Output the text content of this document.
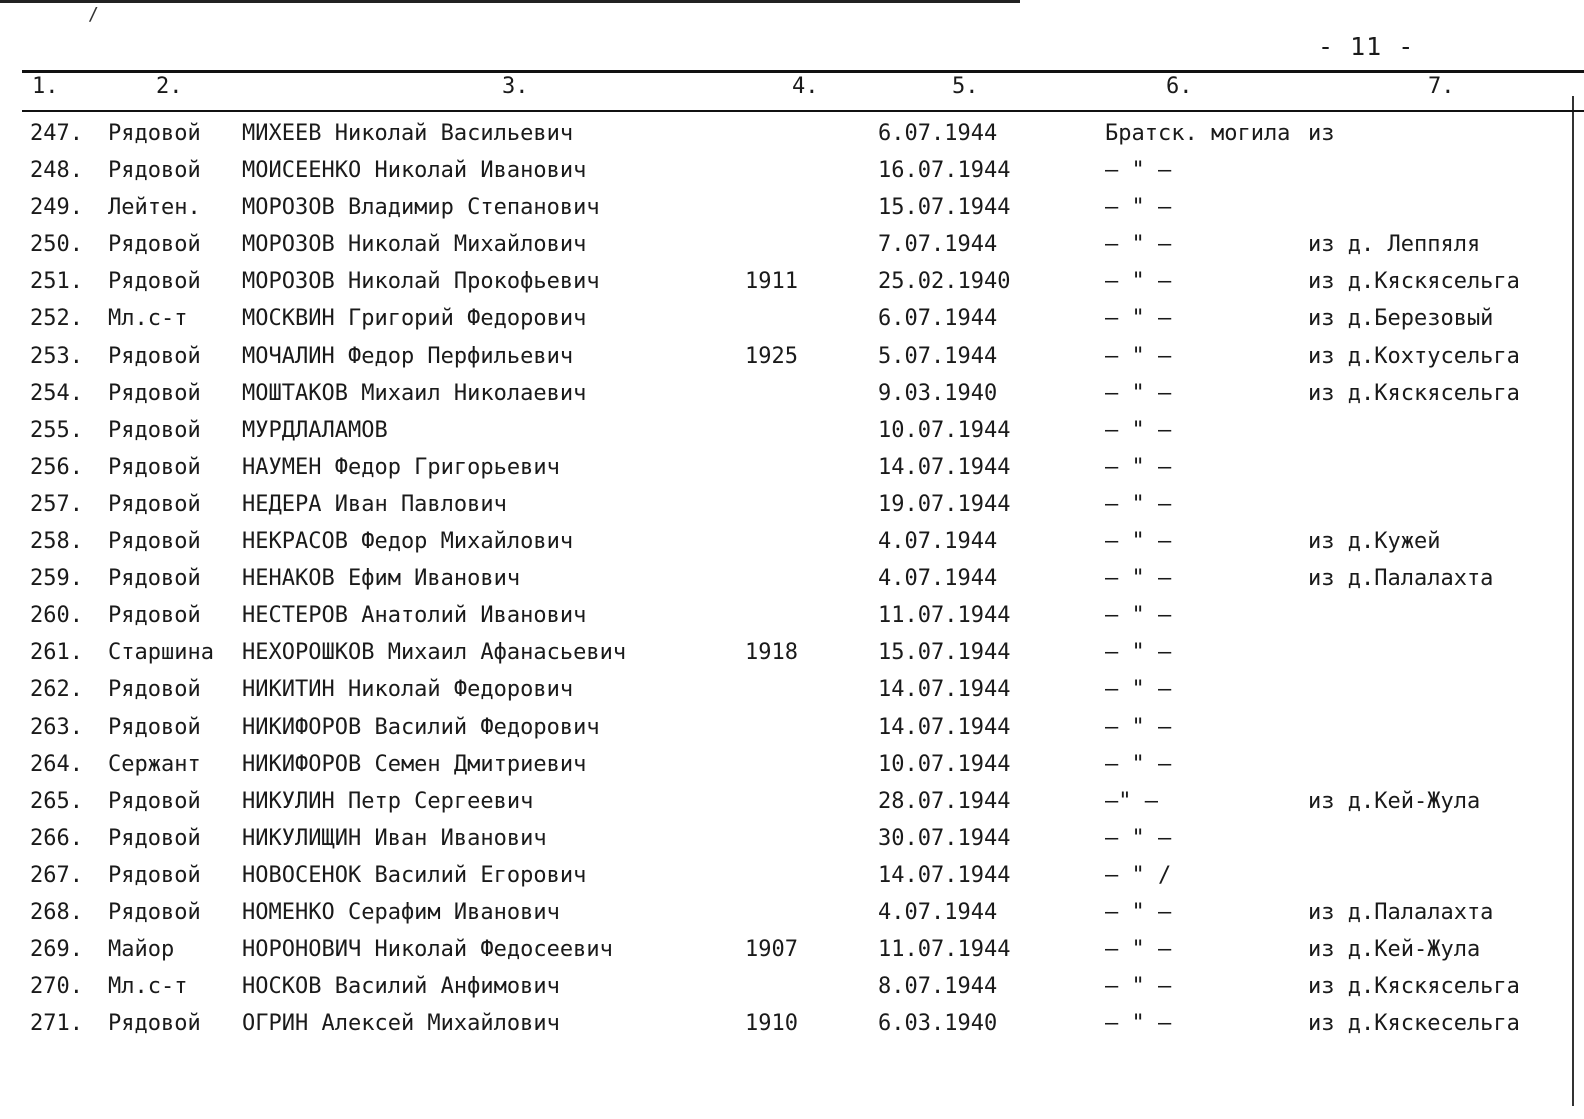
/
- 11 -
1.	2.	3.	4.	5.	6.	7.
247. Рядовой МИХЕЕВ Николай Васильевич	6.07.1944	Братск. могила из
248. Рядовой МОИСЕЕНКО Николай Иванович	16.07.1944	– " –
249. Лейтен. МОРОЗОВ Владимир Степанович	15.07.1944	– " –
250. Рядовой МОРОЗОВ Николай Михайлович	7.07.1944	– " –	из д. Леппяля
251. Рядовой МОРОЗОВ Николай Прокофьевич	1911	25.02.1940	– " –	из д.Кяскясельга
252. Мл.с-т МОСКВИН Григорий Федорович	6.07.1944	– " –	из д.Березовый
253. Рядовой МОЧАЛИН Федор Перфильевич	1925	5.07.1944	– " –	из д.Кохтусельга
254. Рядовой МОШТАКОВ Михаил Николаевич	9.03.1940	– " –	из д.Кяскясельга
255. Рядовой МУРДЛАЛАМОВ	10.07.1944	– " –
256. Рядовой НАУМЕН Федор Григорьевич	14.07.1944	– " –
257. Рядовой НЕДЕРА Иван Павлович	19.07.1944	– " –
258. Рядовой НЕКРАСОВ Федор Михайлович	4.07.1944	– " –	из д.Кужей
259. Рядовой НЕНАКОВ Ефим Иванович	4.07.1944	– " –	из д.Палалахта
260. Рядовой НЕСТЕРОВ Анатолий Иванович	11.07.1944	– " –
261. Старшина НЕХОРОШКОВ Михаил Афанасьевич	1918	15.07.1944	– " –
262. Рядовой НИКИТИН Николай Федорович	14.07.1944	– " –
263. Рядовой НИКИФОРОВ Василий Федорович	14.07.1944	– " –
264. Сержант НИКИФОРОВ Семен Дмитриевич	10.07.1944	– " –
265. Рядовой НИКУЛИН Петр Сергеевич	28.07.1944	–" –	из д.Кей-Жула
266. Рядовой НИКУЛИЩИН Иван Иванович	30.07.1944	– " –
267. Рядовой НОВОСЕНОК Василий Егорович	14.07.1944	– " /
268. Рядовой НОМЕНКО Серафим Иванович	4.07.1944	– " –	из д.Палалахта
269. Майор	НОРОНОВИЧ Николай Федосеевич	1907	11.07.1944	– " –	из д.Кей-Жула
270. Мл.с-т НОСКОВ Василий Анфимович	8.07.1944	– " –	из д.Кяскясельга
271. Рядовой ОГРИН Алексей Михайлович	1910	6.03.1940	– " –	из д.Кяскесельга
